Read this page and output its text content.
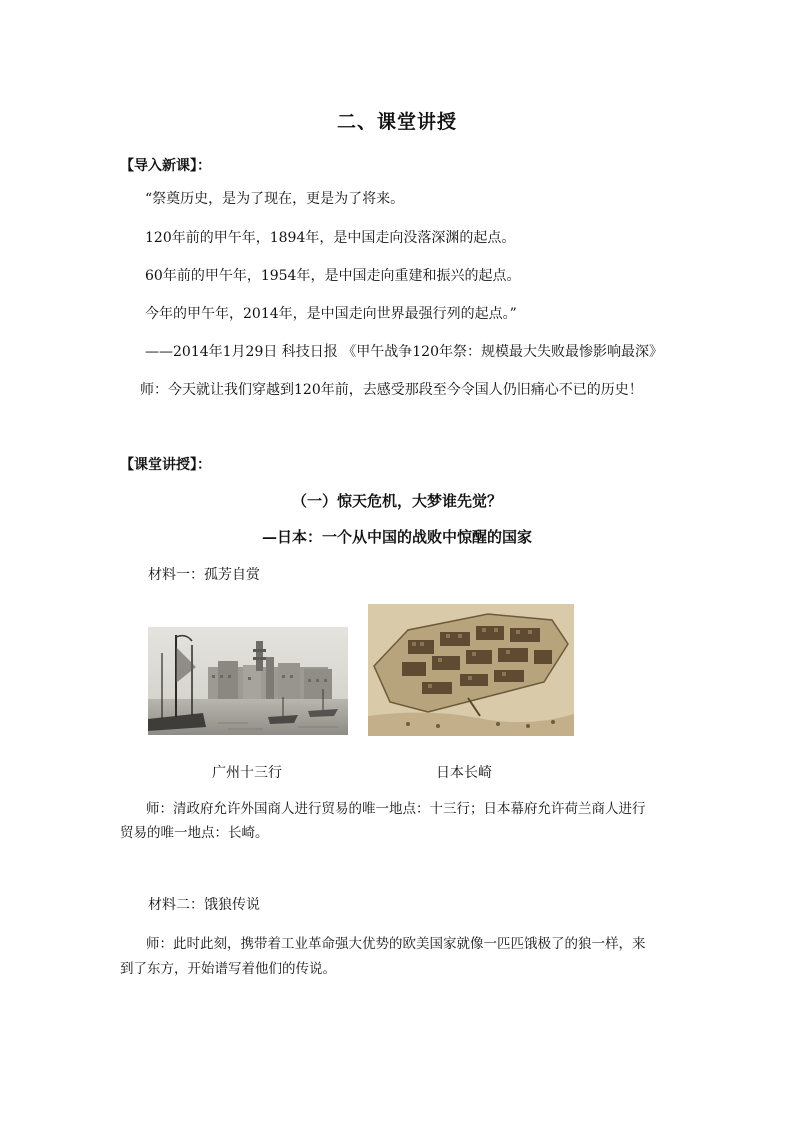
二、课堂讲授
【导入新课】：
“祭奠历史，是为了现在，更是为了将来。
120年前的甲午年，1894年，是中国走向没落深渊的起点。
60年前的甲午年，1954年，是中国走向重建和振兴的起点。
今年的甲午年，2014年，是中国走向世界最强行列的起点。”
——2014年1月29日 科技日报 《甲午战争120年祭：规模最大失败最惨影响最深》
师：今天就让我们穿越到120年前，去感受那段至今令国人仍旧痛心不已的历史！
【课堂讲授】：
（一）惊天危机，大梦谁先觉？
—日本：一个从中国的战败中惊醒的国家
材料一：孤芳自赏
广州十三行	日本长崎
师：清政府允许外国商人进行贸易的唯一地点：十三行；日本幕府允许荷兰商人进行
贸易的唯一地点：长崎。
材料二：饿狼传说
师：此时此刻，携带着工业革命强大优势的欧美国家就像一匹匹饿极了的狼一样，来
到了东方，开始谱写着他们的传说。
